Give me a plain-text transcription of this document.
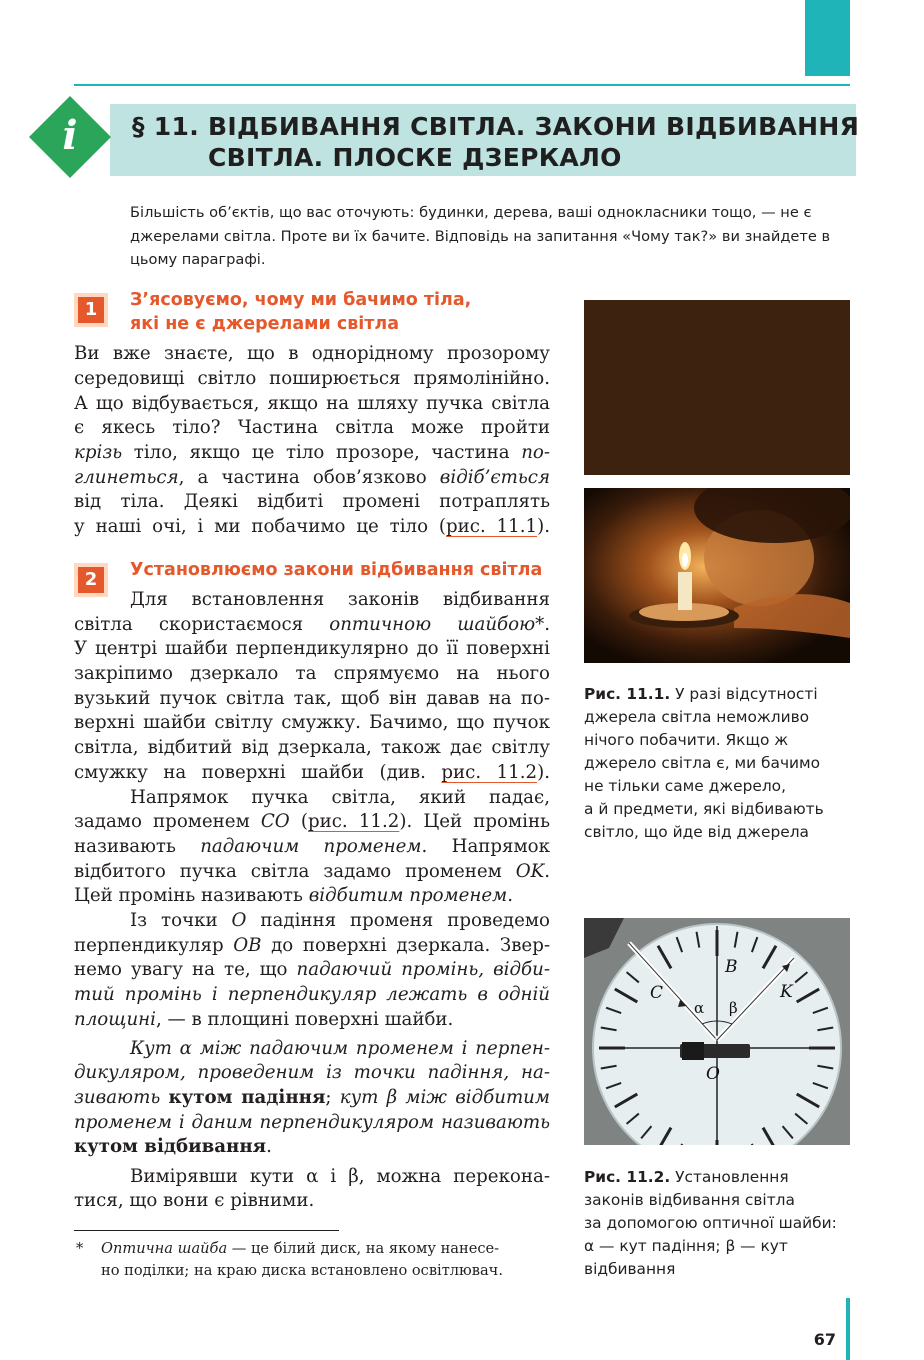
§ 11. ВІДБИВАННЯ СВІТЛА. ЗАКОНИ ВІДБИВАННЯ
СВІТЛА. ПЛОСКЕ ДЗЕРКАЛО
i
Більшість об’єктів, що вас оточують: будинки, дерева, ваші однокласники тощо, — не є джерелами світла. Проте ви їх бачите. Відповідь на запитання «Чому так?» ви знайдете в цьому параграфі.
1	З’ясовуємо, чому ми бачимо тіла,
які не є джерелами світла
Ви вже знаєте, що в однорідному прозорому
середовищі світло поширюється прямолінійно.
А що відбувається, якщо на шляху пучка світла
є якесь тіло? Частина світла може пройти
крізь тіло, якщо це тіло прозоре, частина по-
глинеться, а частина обов’язково відіб’ється
від тіла. Деякі відбиті промені потраплять
у наші очі, і ми побачимо це тіло (рис. 11.1).
2	Установлюємо закони відбивання світла
Для встановлення законів відбивання
світла скористаємося оптичною шайбою*.
У центрі шайби перпендикулярно до її поверхні
закріпимо дзеркало та спрямуємо на нього
вузький пучок світла так, щоб він давав на по-
верхні шайби світлу смужку. Бачимо, що пучок
світла, відбитий від дзеркала, також дає світлу
смужку на поверхні шайби (див. рис. 11.2).
Напрямок пучка світла, який падає,
задамо променем СО (рис. 11.2). Цей промінь
називають падаючим променем. Напрямок
відбитого пучка світла задамо променем ОK.
Цей промінь називають відбитим променем.
Із точки О падіння променя проведемо
перпендикуляр ОВ до поверхні дзеркала. Звер-
немо увагу на те, що падаючий промінь, відби-
тий промінь і перпендикуляр лежать в одній
площині, — в площині поверхні шайби.
Кут α між падаючим променем і перпен-
дикуляром, проведеним із точки падіння, на-
зивають кутом падіння; кут β між відбитим
променем і даним перпендикуляром називають
кутом відбивання.
Вимірявши кути α і β, можна переконa-
тися, що вони є рівними.
* Оптична шайба — це білий диск, на якому нанесе-
но поділки; на краю диска встановлено освітлювач.
Рис. 11.1. У разі відсутності
джерела світла неможливо
нічого побачити. Якщо ж
джерело світла є, ми бачимо
не тільки саме джерело,
а й предмети, які відбивають
світло, що йде від джерела
B
C	K
O
α β
Рис. 11.2. Установлення
законів відбивання світла
за допомогою оптичної шайби:
α — кут падіння; β — кут
відбивання
67
